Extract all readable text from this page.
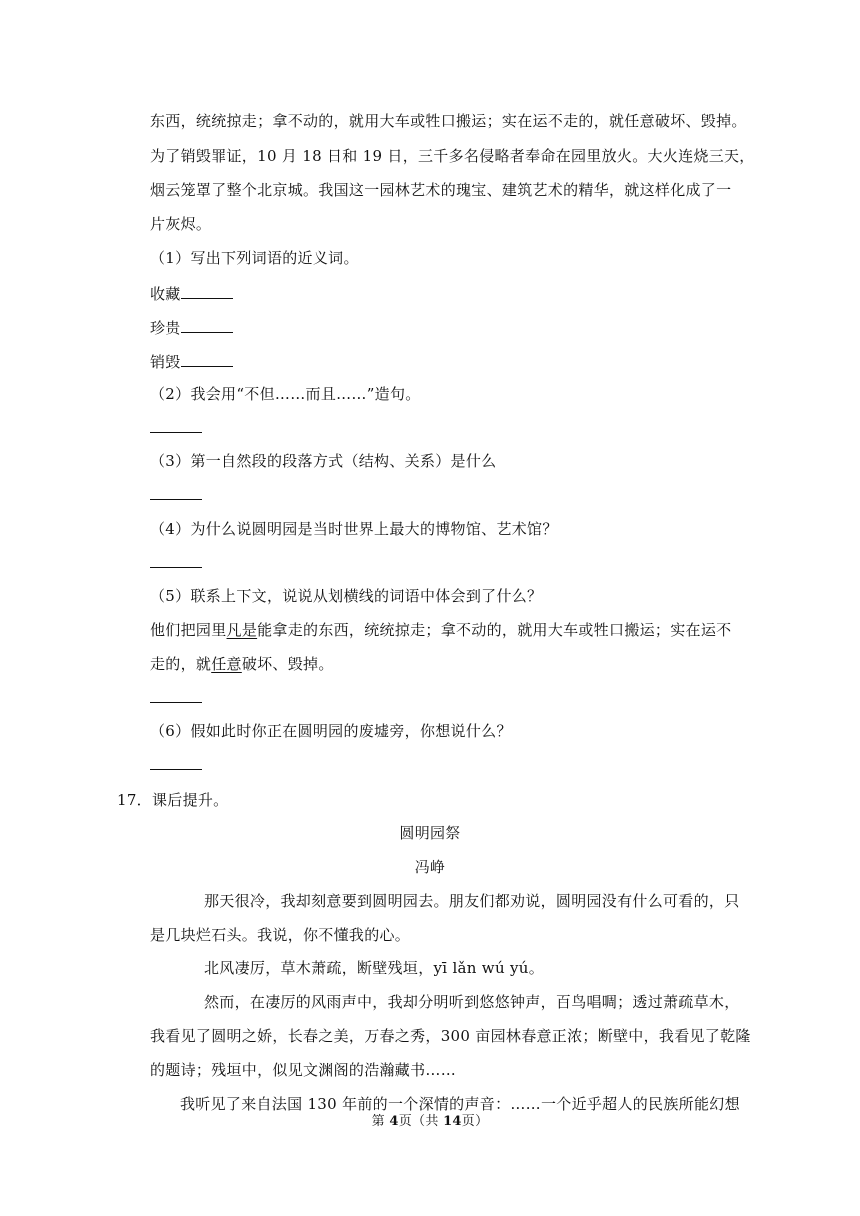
东西，统统掠走；拿不动的，就用大车或牲口搬运；实在运不走的，就任意破坏、毁掉。
为了销毁罪证，10 月 18 日和 19 日，三千多名侵略者奉命在园里放火。大火连烧三天，
烟云笼罩了整个北京城。我国这一园林艺术的瑰宝、建筑艺术的精华，就这样化成了一
片灰烬。
（1）写出下列词语的近义词。
收藏
珍贵
销毁
（2）我会用“不但……而且……”造句。
（3）第一自然段的段落方式（结构、关系）是什么
（4）为什么说圆明园是当时世界上最大的博物馆、艺术馆？
（5）联系上下文，说说从划横线的词语中体会到了什么？
他们把园里凡是能拿走的东西，统统掠走；拿不动的，就用大车或牲口搬运；实在运不
走的，就任意破坏、毁掉。
（6）假如此时你正在圆明园的废墟旁，你想说什么？
17．课后提升。
圆明园祭
冯峥
那天很冷，我却刻意要到圆明园去。朋友们都劝说，圆明园没有什么可看的，只
是几块烂石头。我说，你不懂我的心。
北风凄厉，草木萧疏，断壁残垣，yī lǎn wú yú。
然而，在凄厉的风雨声中，我却分明听到悠悠钟声，百鸟唱啁；透过萧疏草木，
我看见了圆明之娇，长春之美，万春之秀，300 亩园林春意正浓；断壁中，我看见了乾隆
的题诗；残垣中，似见文渊阁的浩瀚藏书……
我听见了来自法国 130 年前的一个深情的声音：……一个近乎超人的民族所能幻想
第 4页（共 14页）
